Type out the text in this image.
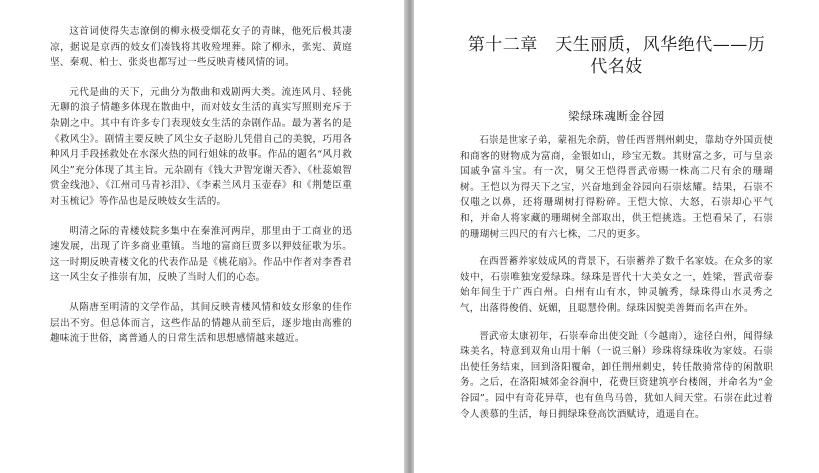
这首词使得失志潦倒的柳永极受烟花女子的青睐，他死后极其凄凉，据说是京西的妓女们凑钱将其收殓埋葬。除了柳永，张宪、黄庭坚、秦观、柏士、张炎也都写过一些反映青楼风情的词。

元代是曲的天下，元曲分为散曲和戏剧两大类。流连风月、轻佻无聊的浪子情趣多体现在散曲中，而对妓女生活的真实写照则充斥于杂剧之中。其中有许多专门表现妓女生活的杂剧作品。最为著名的是《救风尘》。剧情主要反映了风尘女子赵盼儿凭借自己的美貌，巧用各种风月手段拯救处在水深火热的同行姐妹的故事。作品的题名“风月救风尘”充分体现了其主旨。元杂剧有《钱大尹智宠谢天香》、《杜蕊娘智赏金线池》、《江州司马青衫泪》、《李素兰风月玉壶春》和《荆楚臣重对玉梳记》等作品也是反映妓女生活的。

明清之际的青楼妓院多集中在秦淮河两岸，那里由于工商业的迅速发展，出现了许多商业重镇。当地的富商巨贾多以狎妓征歌为乐。这一时期反映青楼文化的代表作品是《桃花扇》。作品中作者对李香君这一风尘女子推崇有加，反映了当时人们的心态。

从隋唐至明清的文学作品，其间反映青楼风情和妓女形象的佳作层出不穷。但总体而言，这些作品的情趣从前至后，逐步地由高雅的趣味流于世俗，离普通人的日常生活和思想感情越来越近。

第十二章　天生丽质，风华绝代——历代名妓
梁绿珠魂断金谷园

石崇是世家子弟，蒙祖先余荫，曾任西晋荆州刺史，靠劫夺外国贡使和商客的财物成为富商，金银如山，珍宝无数。其财富之多，可与皇亲国戚争富斗宝。有一次，舅父王恺得晋武帝赐一株高二尺有余的珊瑚树。王恺以为得天下之宝，兴奋地到金谷园向石崇炫耀。结果，石崇不仅嗤之以鼻，还将珊瑚树打得粉碎。王恺大惊、大怒，石崇却心平气和，并命人将家藏的珊瑚树全部取出，供王恺挑选。王恺看呆了，石崇的珊瑚树三四尺的有六七株，二尺的更多。

在西晋蓄养家妓成风的背景下，石崇蓄养了数千名家妓。在众多的家妓中，石崇唯独宠爱绿珠。绿珠是晋代十大美女之一，姓梁，晋武帝泰始年间生于广西白州。白州有山有水，钟灵毓秀，绿珠得山水灵秀之气，出落得俊俏、妩媚，且聪慧伶俐。绿珠因貌美善舞而名声在外。

晋武帝太康初年，石崇奉命出使交趾（今越南），途径白州，闻得绿珠美名，特意到双角山用十斛（一说三斛）珍珠将绿珠收为家妓。石崇出使任务结束，回到洛阳覆命，卸任荆州刺史，转任散骑常侍的闲散职务。之后，在洛阳城郊金谷涧中，花费巨资建筑亭台楼阁，并命名为“金谷园”。园中有奇花异草，也有鱼鸟马兽，犹如人间天堂。石崇在此过着令人羡慕的生活，每日拥绿珠登高饮酒赋诗，逍遥自在。
